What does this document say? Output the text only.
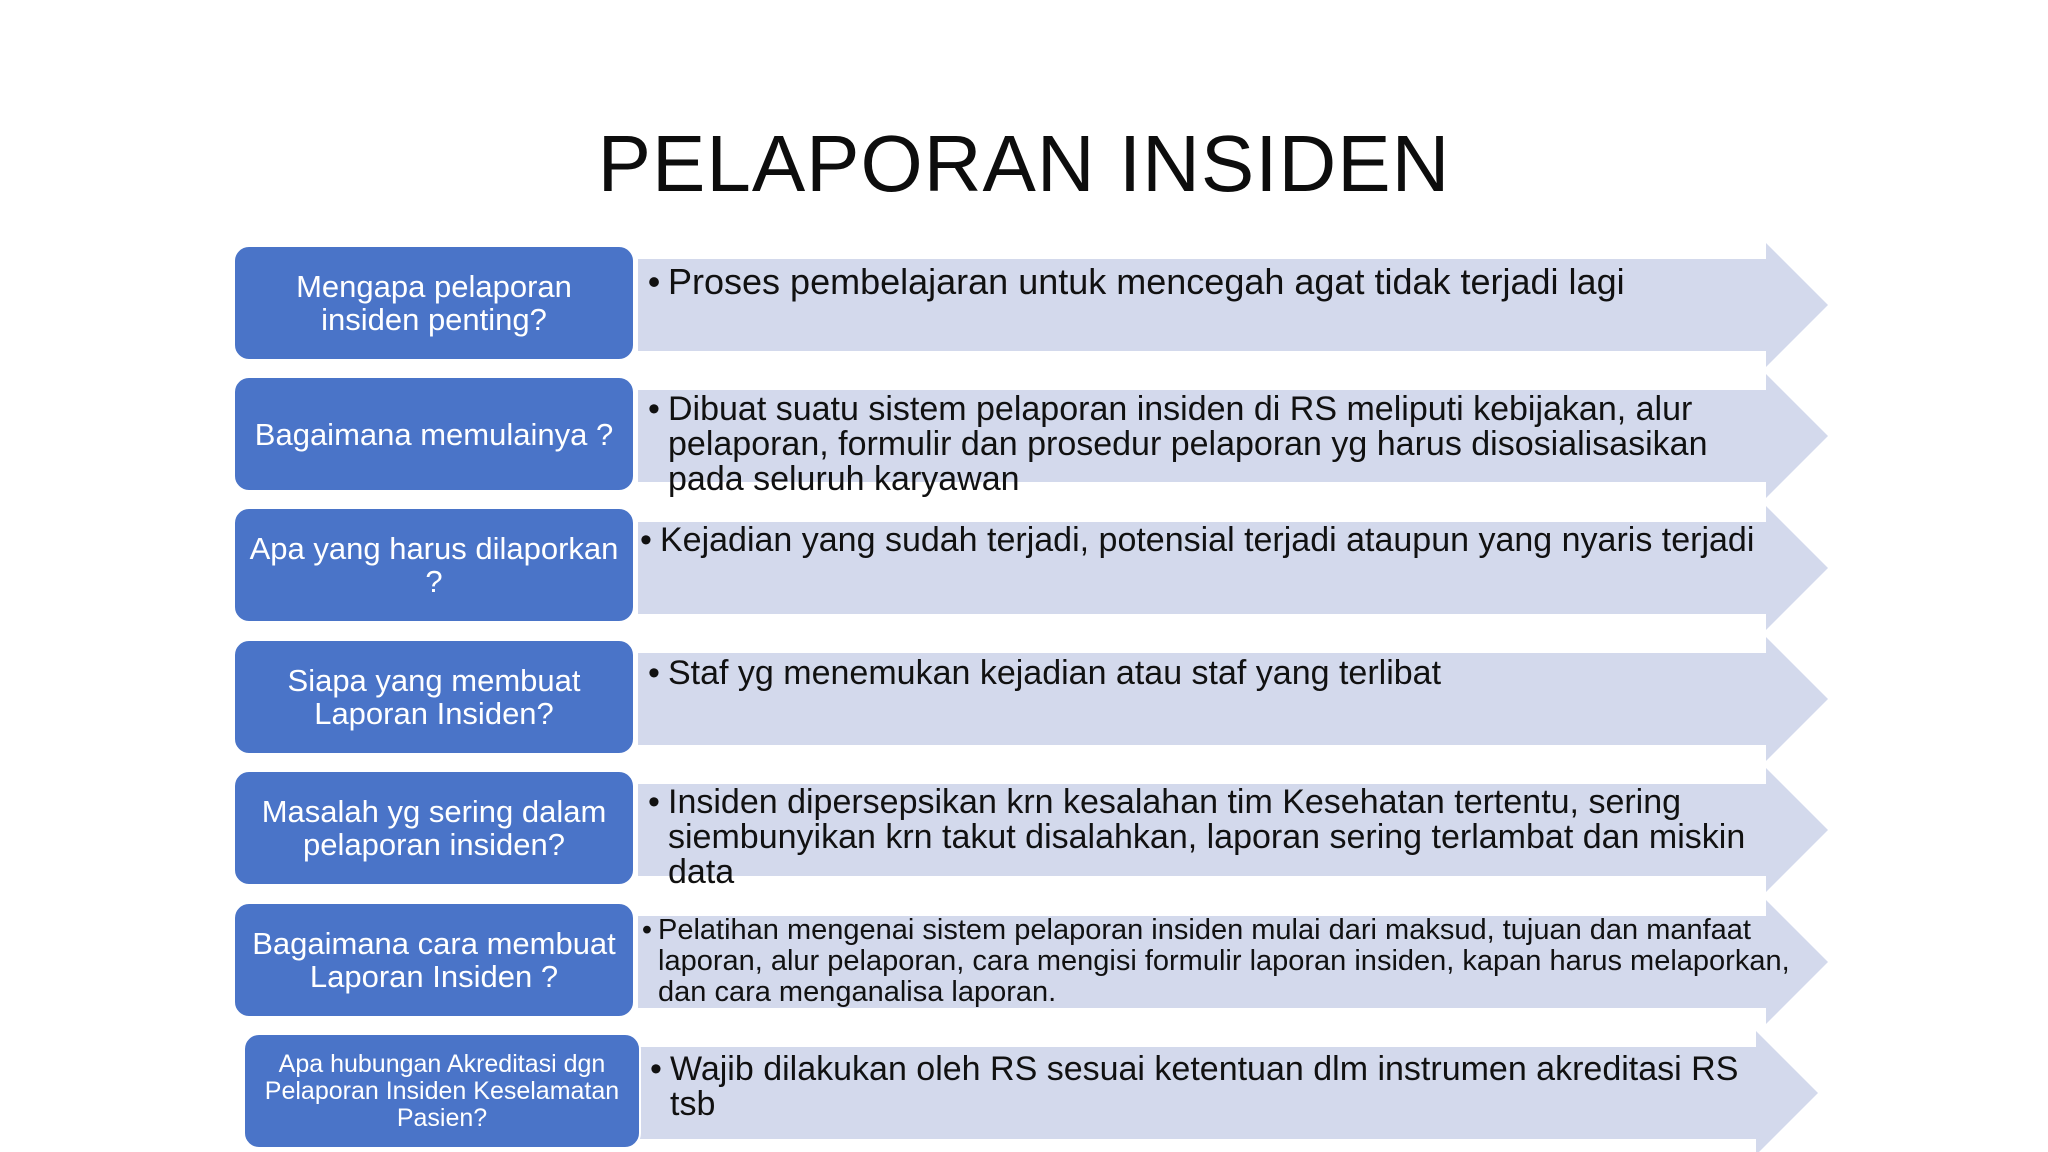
PELAPORAN INSIDEN
Mengapa pelaporan insiden penting?
• Proses pembelajaran untuk mencegah agat tidak terjadi lagi
Bagaimana memulainya ?
• Dibuat suatu sistem pelaporan insiden di RS meliputi kebijakan, alur pelaporan, formulir dan prosedur pelaporan yg harus disosialisasikan pada seluruh karyawan
Apa yang harus dilaporkan ?
• Kejadian yang sudah terjadi, potensial terjadi ataupun yang nyaris terjadi
Siapa yang membuat Laporan Insiden?
• Staf yg menemukan kejadian atau staf yang terlibat
Masalah yg sering dalam pelaporan insiden?
• Insiden dipersepsikan krn kesalahan tim Kesehatan tertentu, sering siembunyikan krn takut disalahkan, laporan sering terlambat dan miskin data
Bagaimana cara membuat Laporan Insiden ?
• Pelatihan mengenai sistem pelaporan insiden mulai dari maksud, tujuan dan manfaat laporan, alur pelaporan, cara mengisi formulir laporan insiden, kapan harus melaporkan, dan cara menganalisa laporan.
Apa hubungan Akreditasi dgn Pelaporan Insiden Keselamatan Pasien?
• Wajib dilakukan oleh RS sesuai ketentuan dlm instrumen akreditasi RS tsb
